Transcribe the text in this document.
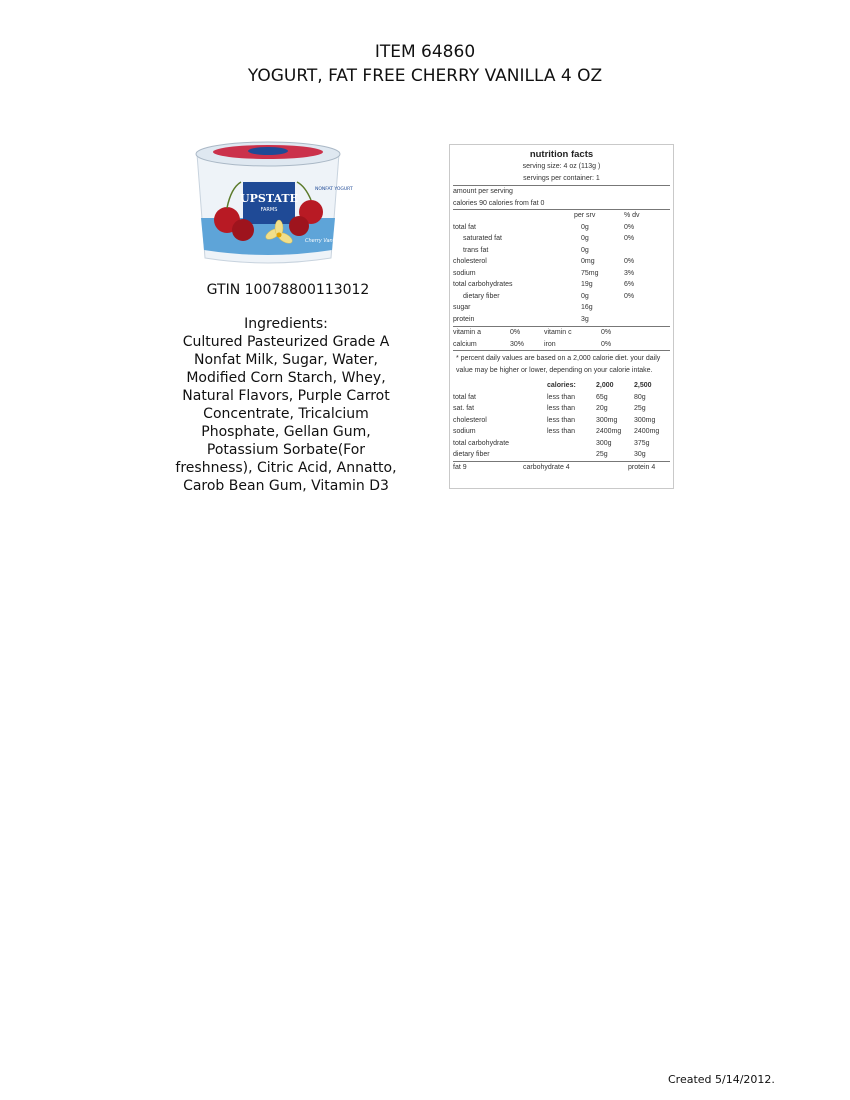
ITEM 64860
YOGURT, FAT FREE CHERRY VANILLA 4 OZ
UPSTATE
FARMS
NONFAT YOGURT
Cherry Vanilla
GTIN 10078800113012
Ingredients:
Cultured Pasteurized Grade A Nonfat Milk, Sugar, Water, Modified Corn Starch, Whey, Natural Flavors, Purple Carrot Concentrate, Tricalcium Phosphate, Gellan Gum, Potassium Sorbate(For freshness), Citric Acid, Annatto, Carob Bean Gum, Vitamin D3
nutrition facts
serving size: 4 oz (113g )
servings per container: 1
amount per serving
calories 90 calories from fat 0
per srv	% dv
total fat	0g	0%
saturated fat	0g	0%
trans fat	0g
cholesterol	0mg	0%
sodium	75mg	3%
total carbohydrates	19g	6%
dietary fiber	0g	0%
sugar	16g
protein	3g
vitamin a	0%	vitamin c	0%
calcium	30%	iron	0%
* percent daily values are based on a 2,000 calorie diet. your daily value may be higher or lower, depending on your calorie intake.
calories:	2,000	2,500
total fat	less than	65g	80g
sat. fat	less than	20g	25g
cholesterol	less than	300mg 300mg
sodium	less than	2400mg 2400mg
total carbohydrate	300g	375g
dietary fiber	25g	30g
fat 9	carbohydrate 4	protein 4
Created 5/14/2012.
